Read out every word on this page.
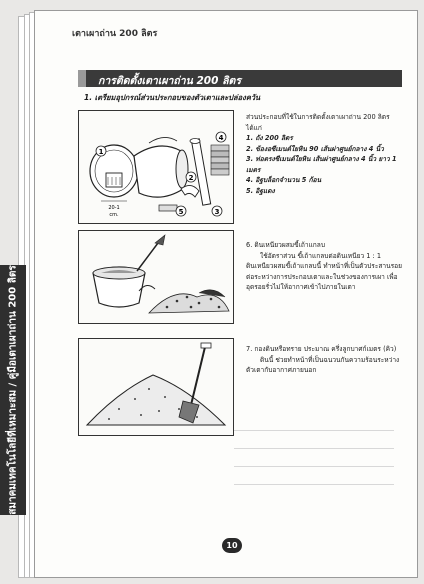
สมาคมเทคโนโลยีที่เหมาะสม / คู่มือเตาเผาถ่าน 200 ลิตร
เตาเผาถ่าน 200 ลิตร
การติดตั้งเตาเผาถ่าน 200 ลิตร
1. เตรียมอุปกรณ์ส่วนประกอบของตัวเตาและปล่องควัน
1
2
3
4
5
20-1
cm.
ส่วนประกอบที่ใช้ในการติดตั้งเตาเผาถ่าน 200 ลิตร ได้แก่
1. ถัง 200 ลิตร
2. ข้องอซีเมนต์ใยหิน 90 เส้นผ่าศูนย์กลาง 4 นิ้ว
3. ท่อตรงซีเมนต์ใยหิน เส้นผ่าศูนย์กลาง 4 นิ้ว ยาว 1 เมตร
4. อิฐบล็อกจำนวน 5 ก้อน
5. อิฐแดง
6. ดินเหนียวผสมขี้เถ้าแกลบ
ใช้อัตราส่วน ขี้เถ้าแกลบต่อดินเหนียว 1 : 1
ดินเหนียวผสมขี้เถ้าแกลบนี้ ทำหน้าที่เป็นตัวประสานรอยต่อระหว่างการประกอบเตาและในช่วงของการเผา เพื่ออุดรอยรั่วไม่ให้อากาศเข้าไปภายในเตา
7. กองดินหรือทราย ประมาณ ครึ่งลูกบาศก์เมตร (คิว)
ดินนี้ ช่วยทำหน้าที่เป็นฉนวนกันความร้อนระหว่าง ตัวเตากับอากาศภายนอก
10
